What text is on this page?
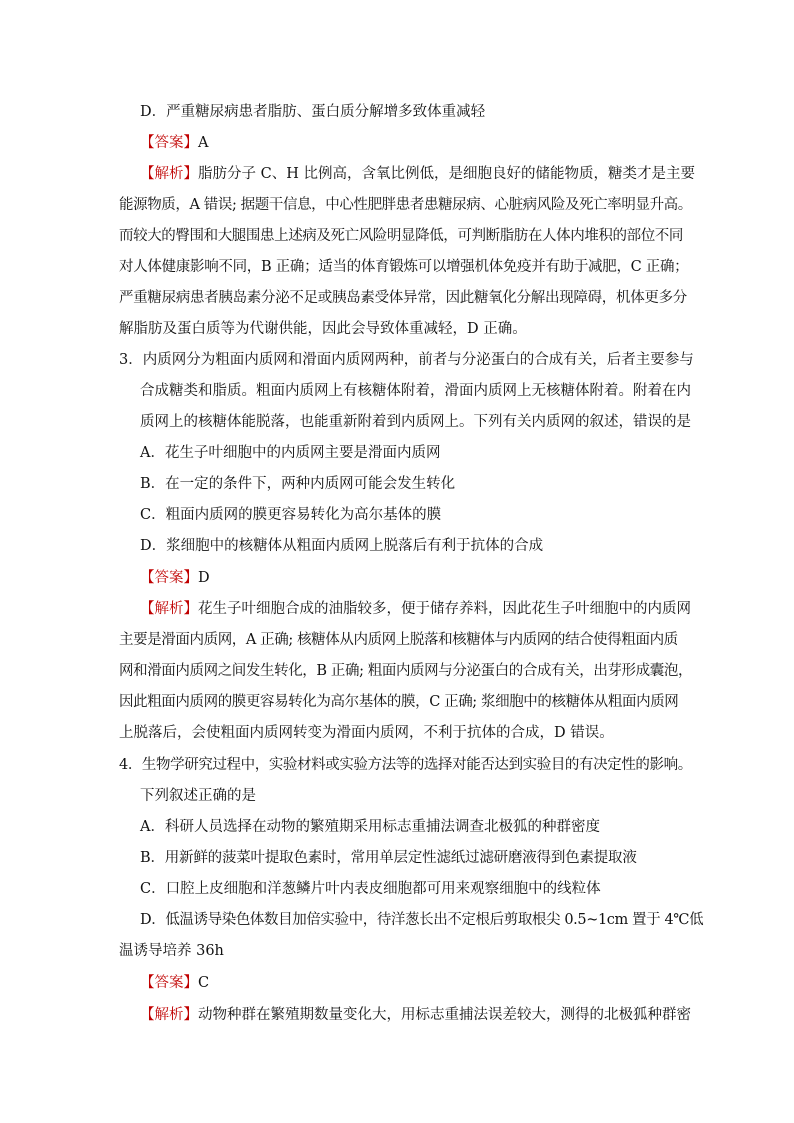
D．严重糖尿病患者脂肪、蛋白质分解增多致体重减轻
【答案】A
【解析】脂肪分子 C、H 比例高，含氧比例低，是细胞良好的储能物质，糖类才是主要
能源物质，A 错误; 据题干信息，中心性肥胖患者患糖尿病、心脏病风险及死亡率明显升高。
而较大的臀围和大腿围患上述病及死亡风险明显降低，可判断脂肪在人体内堆积的部位不同
对人体健康影响不同，B 正确；适当的体育锻炼可以增强机体免疫并有助于减肥，C 正确；
严重糖尿病患者胰岛素分泌不足或胰岛素受体异常，因此糖氧化分解出现障碍，机体更多分
解脂肪及蛋白质等为代谢供能，因此会导致体重减轻，D 正确。
3．内质网分为粗面内质网和滑面内质网两种，前者与分泌蛋白的合成有关，后者主要参与
合成糖类和脂质。粗面内质网上有核糖体附着，滑面内质网上无核糖体附着。附着在内
质网上的核糖体能脱落，也能重新附着到内质网上。下列有关内质网的叙述，错误的是
A．花生子叶细胞中的内质网主要是滑面内质网
B．在一定的条件下，两种内质网可能会发生转化
C．粗面内质网的膜更容易转化为高尔基体的膜
D．浆细胞中的核糖体从粗面内质网上脱落后有利于抗体的合成
【答案】D
【解析】花生子叶细胞合成的油脂较多，便于储存养料，因此花生子叶细胞中的内质网
主要是滑面内质网，A 正确; 核糖体从内质网上脱落和核糖体与内质网的结合使得粗面内质
网和滑面内质网之间发生转化，B 正确; 粗面内质网与分泌蛋白的合成有关，出芽形成囊泡，
因此粗面内质网的膜更容易转化为高尔基体的膜，C 正确; 浆细胞中的核糖体从粗面内质网
上脱落后，会使粗面内质网转变为滑面内质网，不利于抗体的合成，D 错误。
4．生物学研究过程中，实验材料或实验方法等的选择对能否达到实验目的有决定性的影响。
下列叙述正确的是
A．科研人员选择在动物的繁殖期采用标志重捕法调查北极狐的种群密度
B．用新鲜的菠菜叶提取色素时，常用单层定性滤纸过滤研磨液得到色素提取液
C．口腔上皮细胞和洋葱鳞片叶内表皮细胞都可用来观察细胞中的线粒体
D．低温诱导染色体数目加倍实验中，待洋葱长出不定根后剪取根尖 0.5~1cm 置于 4℃低
温诱导培养 36h
【答案】C
【解析】动物种群在繁殖期数量变化大，用标志重捕法误差较大，测得的北极狐种群密
